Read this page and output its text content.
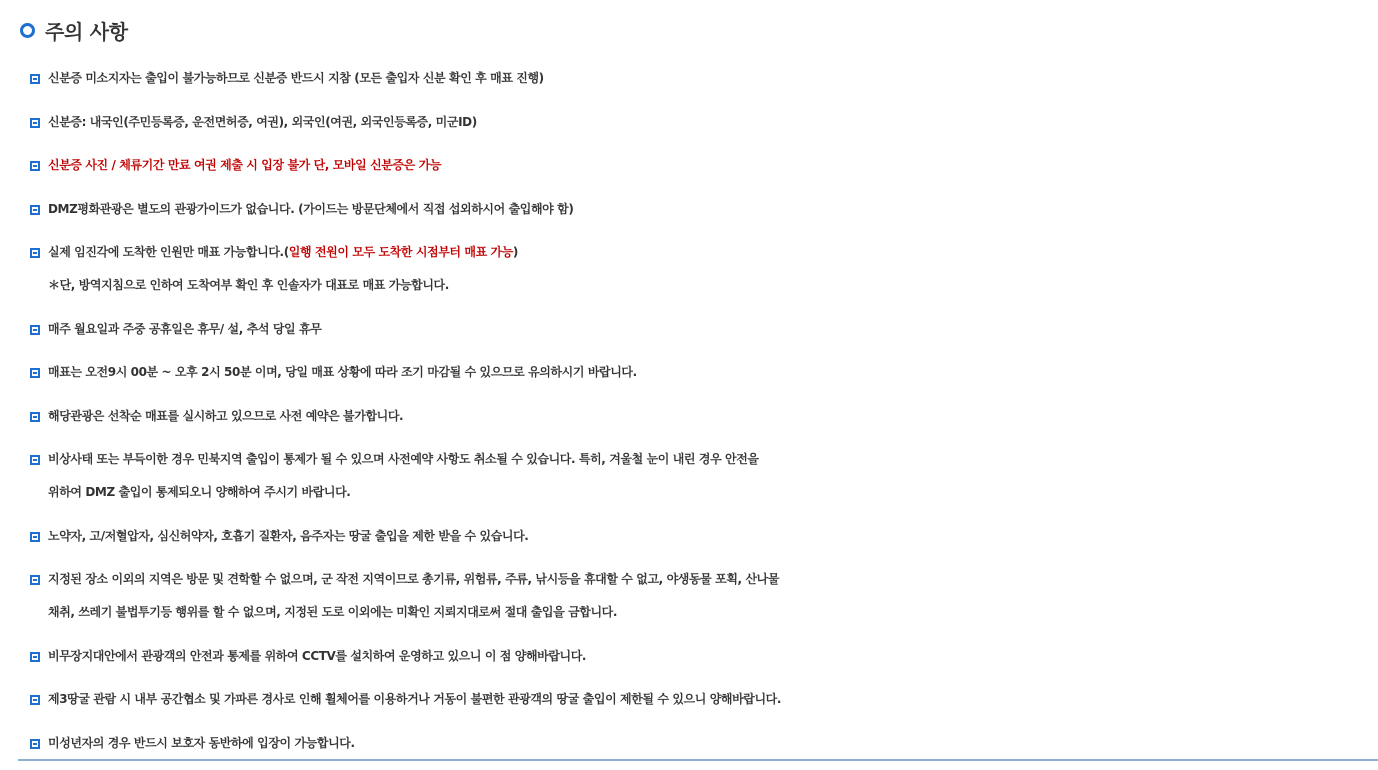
주의 사항
신분증 미소지자는 출입이 불가능하므로 신분증 반드시 지참 (모든 출입자 신분 확인 후 매표 진행)
신분증: 내국인(주민등록증, 운전면허증, 여권), 외국인(여권, 외국인등록증, 미군ID)
신분증 사진 / 체류기간 만료 여권 제출 시 입장 불가 단, 모바일 신분증은 가능
DMZ평화관광은 별도의 관광가이드가 없습니다. (가이드는 방문단체에서 직접 섭외하시어 출입해야 함)
실제 임진각에 도착한 인원만 매표 가능합니다.(일행 전원이 모두 도착한 시점부터 매표 가능)
＊단, 방역지침으로 인하여 도착여부 확인 후 인솔자가 대표로 매표 가능합니다.
매주 월요일과 주중 공휴일은 휴무/ 설, 추석 당일 휴무
매표는 오전9시 00분 ~ 오후 2시 50분 이며, 당일 매표 상황에 따라 조기 마감될 수 있으므로 유의하시기 바랍니다.
해당관광은 선착순 매표를 실시하고 있으므로 사전 예약은 불가합니다.
비상사태 또는 부득이한 경우 민북지역 출입이 통제가 될 수 있으며 사전예약 사항도 취소될 수 있습니다. 특히, 겨울철 눈이 내린 경우 안전을
위하여 DMZ 출입이 통제되오니 양해하여 주시기 바랍니다.
노약자, 고/저혈압자, 심신허약자, 호흡기 질환자, 음주자는 땅굴 출입을 제한 받을 수 있습니다.
지정된 장소 이외의 지역은 방문 및 견학할 수 없으며, 군 작전 지역이므로 총기류, 위험류, 주류, 낚시등을 휴대할 수 없고, 야생동물 포획, 산나물
채취, 쓰레기 불법투기등 행위를 할 수 없으며, 지정된 도로 이외에는 미확인 지뢰지대로써 절대 출입을 금합니다.
비무장지대안에서 관광객의 안전과 통제를 위하여 CCTV를 설치하여 운영하고 있으니 이 점 양해바랍니다.
제3땅굴 관람 시 내부 공간협소 및 가파른 경사로 인해 휠체어를 이용하거나 거동이 불편한 관광객의 땅굴 출입이 제한될 수 있으니 양해바랍니다.
미성년자의 경우 반드시 보호자 동반하에 입장이 가능합니다.
